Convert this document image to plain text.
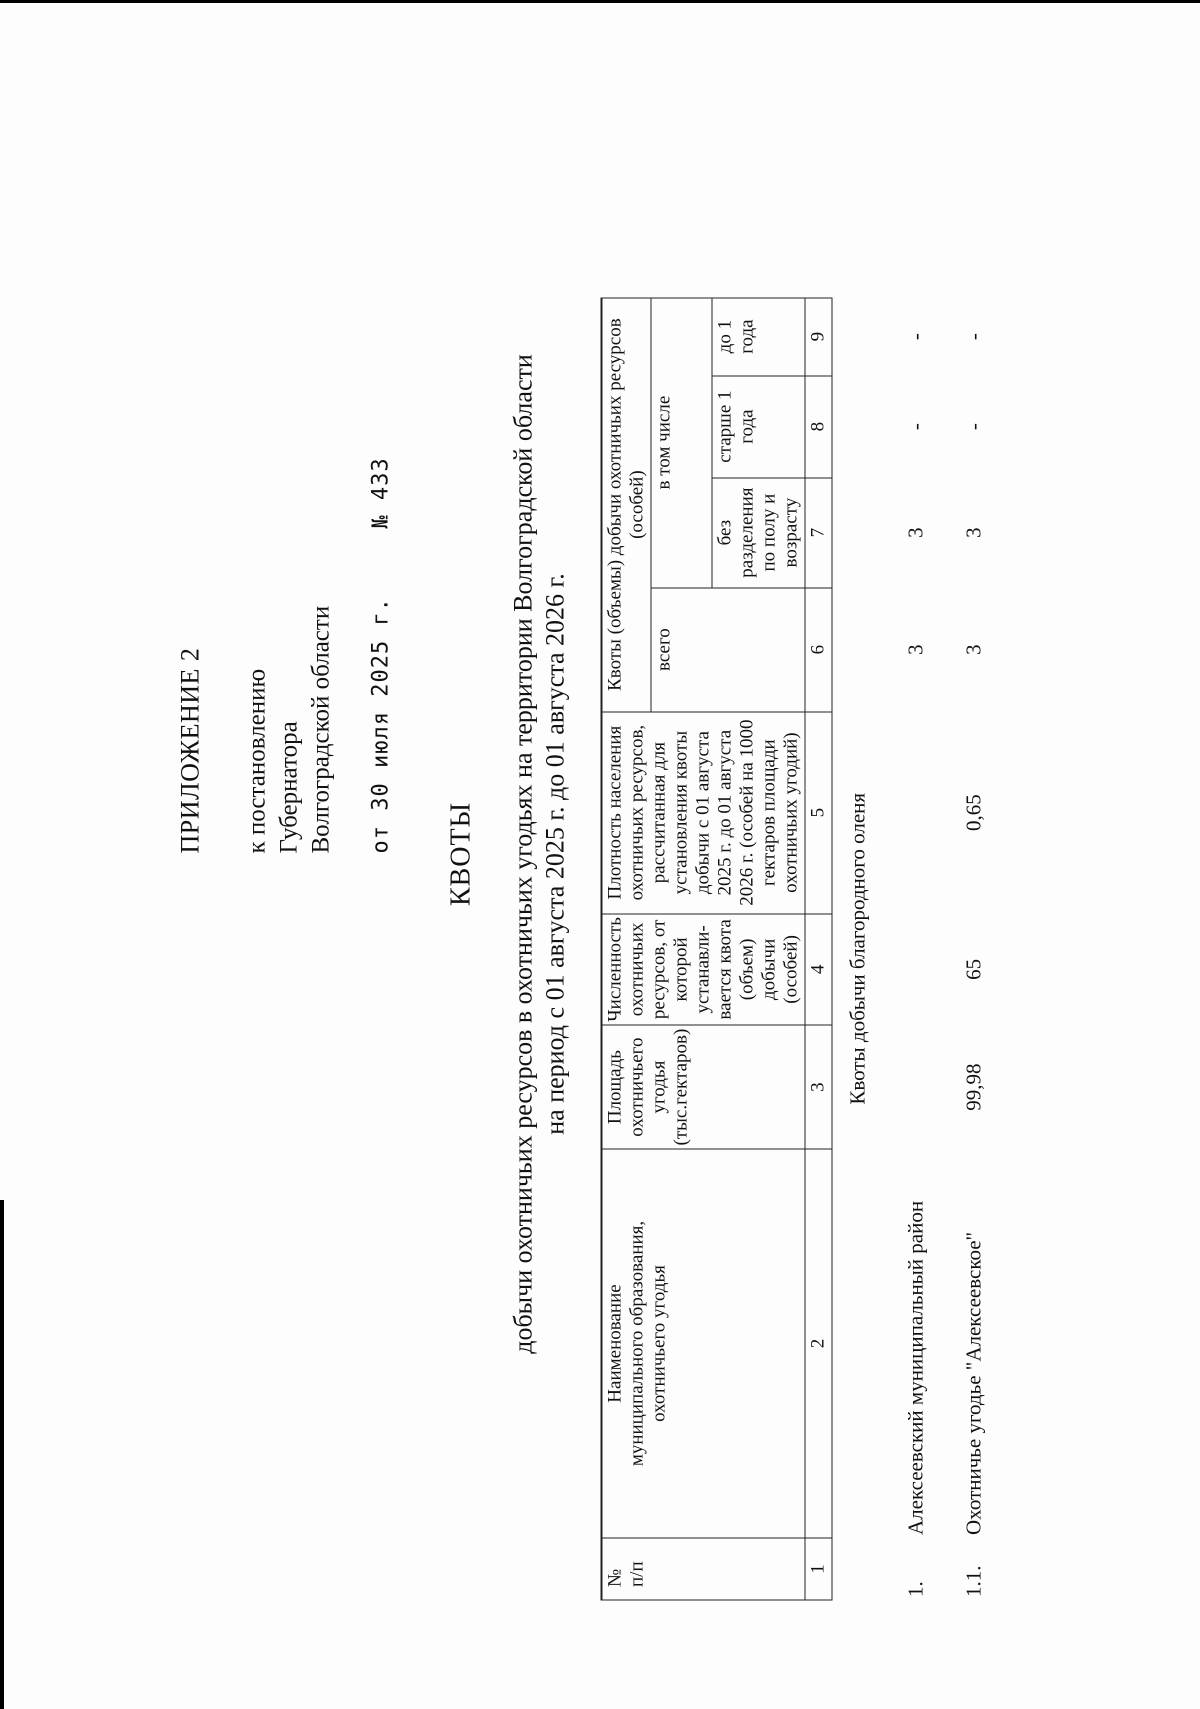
ПРИЛОЖЕНИЕ 2 к постановлению Губернатора Волгоградской области от 30 июля 2025 г.  № 433
КВОТЫ добычи охотничьих ресурсов в охотничьих угодьях на территории Волгоградской области на период с 01 августа 2025 г. до 01 августа 2026 г.
№ п/п	Наименование муниципального образования, охотничьего угодья	Площадь охотничьего угодья (тыс.гектаров)	Численность охотничьих ресурсов, от которой устанавли-вается квота (объем) добычи (особей)	Плотность населения охотничьих ресурсов, рассчитанная для установления квоты добычи с 01 августа 2025 г. до 01 августа 2026 г. (особей на 1000 гектаров площади охотничьих угодий)	Квоты (объемы) добычи охотничьих ресурсов (особей)			

					всего	в том числе		

						без разделения по полу и возрасту	старше 1 года	до 1 года

1	2	3	4	5	6	7	8	9
Квоты добычи благородного оленя								
1.	Алексеевский муниципальный район				3	3	-	-
1.1.	Охотничье угодье "Алексеевское"	99,98	65	0,65	3	3	-	-
